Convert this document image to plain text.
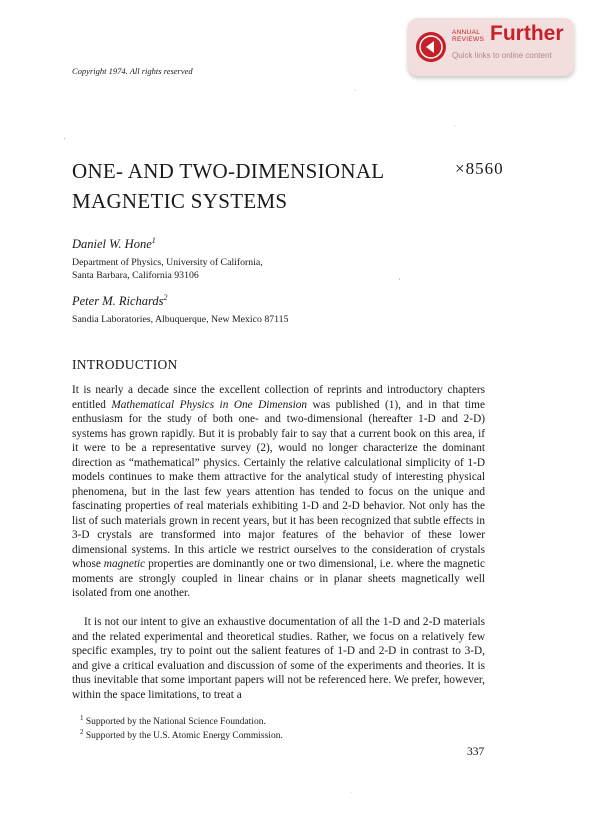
Copyright 1974. All rights reserved
ANNUAL
REVIEWS Further
Quick links to online content
ONE- AND TWO-DIMENSIONAL
MAGNETIC SYSTEMS
×8560
Daniel W. Hone$^1$
Department of Physics, University of California,
Santa Barbara, California 93106
Peter M. Richards$^2$
Sandia Laboratories, Albuquerque, New Mexico 87115
INTRODUCTION
It is nearly a decade since the excellent collection of reprints and introductory chapters entitled Mathematical Physics in One Dimension was published (1), and in that time enthusiasm for the study of both one- and two-dimensional (hereafter 1-D and 2-D) systems has grown rapidly. But it is probably fair to say that a current book on this area, if it were to be a representative survey (2), would no longer characterize the dominant direction as “mathematical” physics. Certainly the relative calculational simplicity of 1-D models continues to make them attractive for the analytical study of interesting physical phenomena, but in the last few years attention has tended to focus on the unique and fascinating properties of real materials exhibiting 1-D and 2-D behavior. Not only has the list of such materials grown in recent years, but it has been recognized that subtle effects in 3-D crystals are transformed into major features of the behavior of these lower dimensional systems. In this article we restrict ourselves to the consideration of crystals whose magnetic properties are dominantly one or two dimensional, i.e. where the magnetic moments are strongly coupled in linear chains or in planar sheets magnetically well isolated from one another.
It is not our intent to give an exhaustive documentation of all the 1-D and 2-D materials and the related experimental and theoretical studies. Rather, we focus on a relatively few specific examples, try to point out the salient features of 1-D and 2-D in contrast to 3-D, and give a critical evaluation and discussion of some of the experiments and theories. It is thus inevitable that some important papers will not be referenced here. We prefer, however, within the space limitations, to treat a
$^1$ Supported by the National Science Foundation.
$^2$ Supported by the U.S. Atomic Energy Commission.
337
·
·
'
,
·
